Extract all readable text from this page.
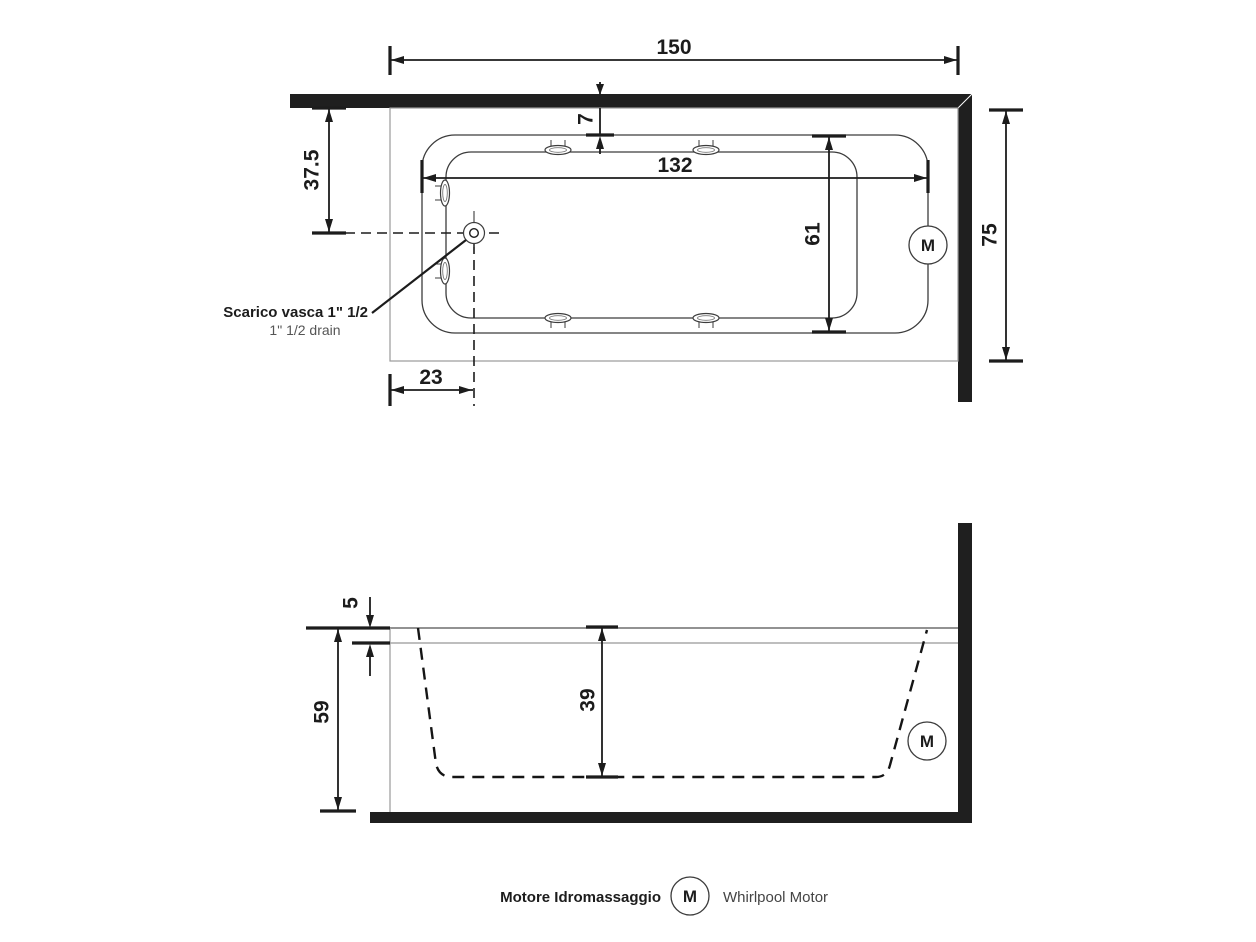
M
150
37.5
7
132
61	75
23
Scarico vasca 1" 1/2
1" 1/2 drain
M
5
59
39
Motore Idromassaggio M Whirlpool Motor
